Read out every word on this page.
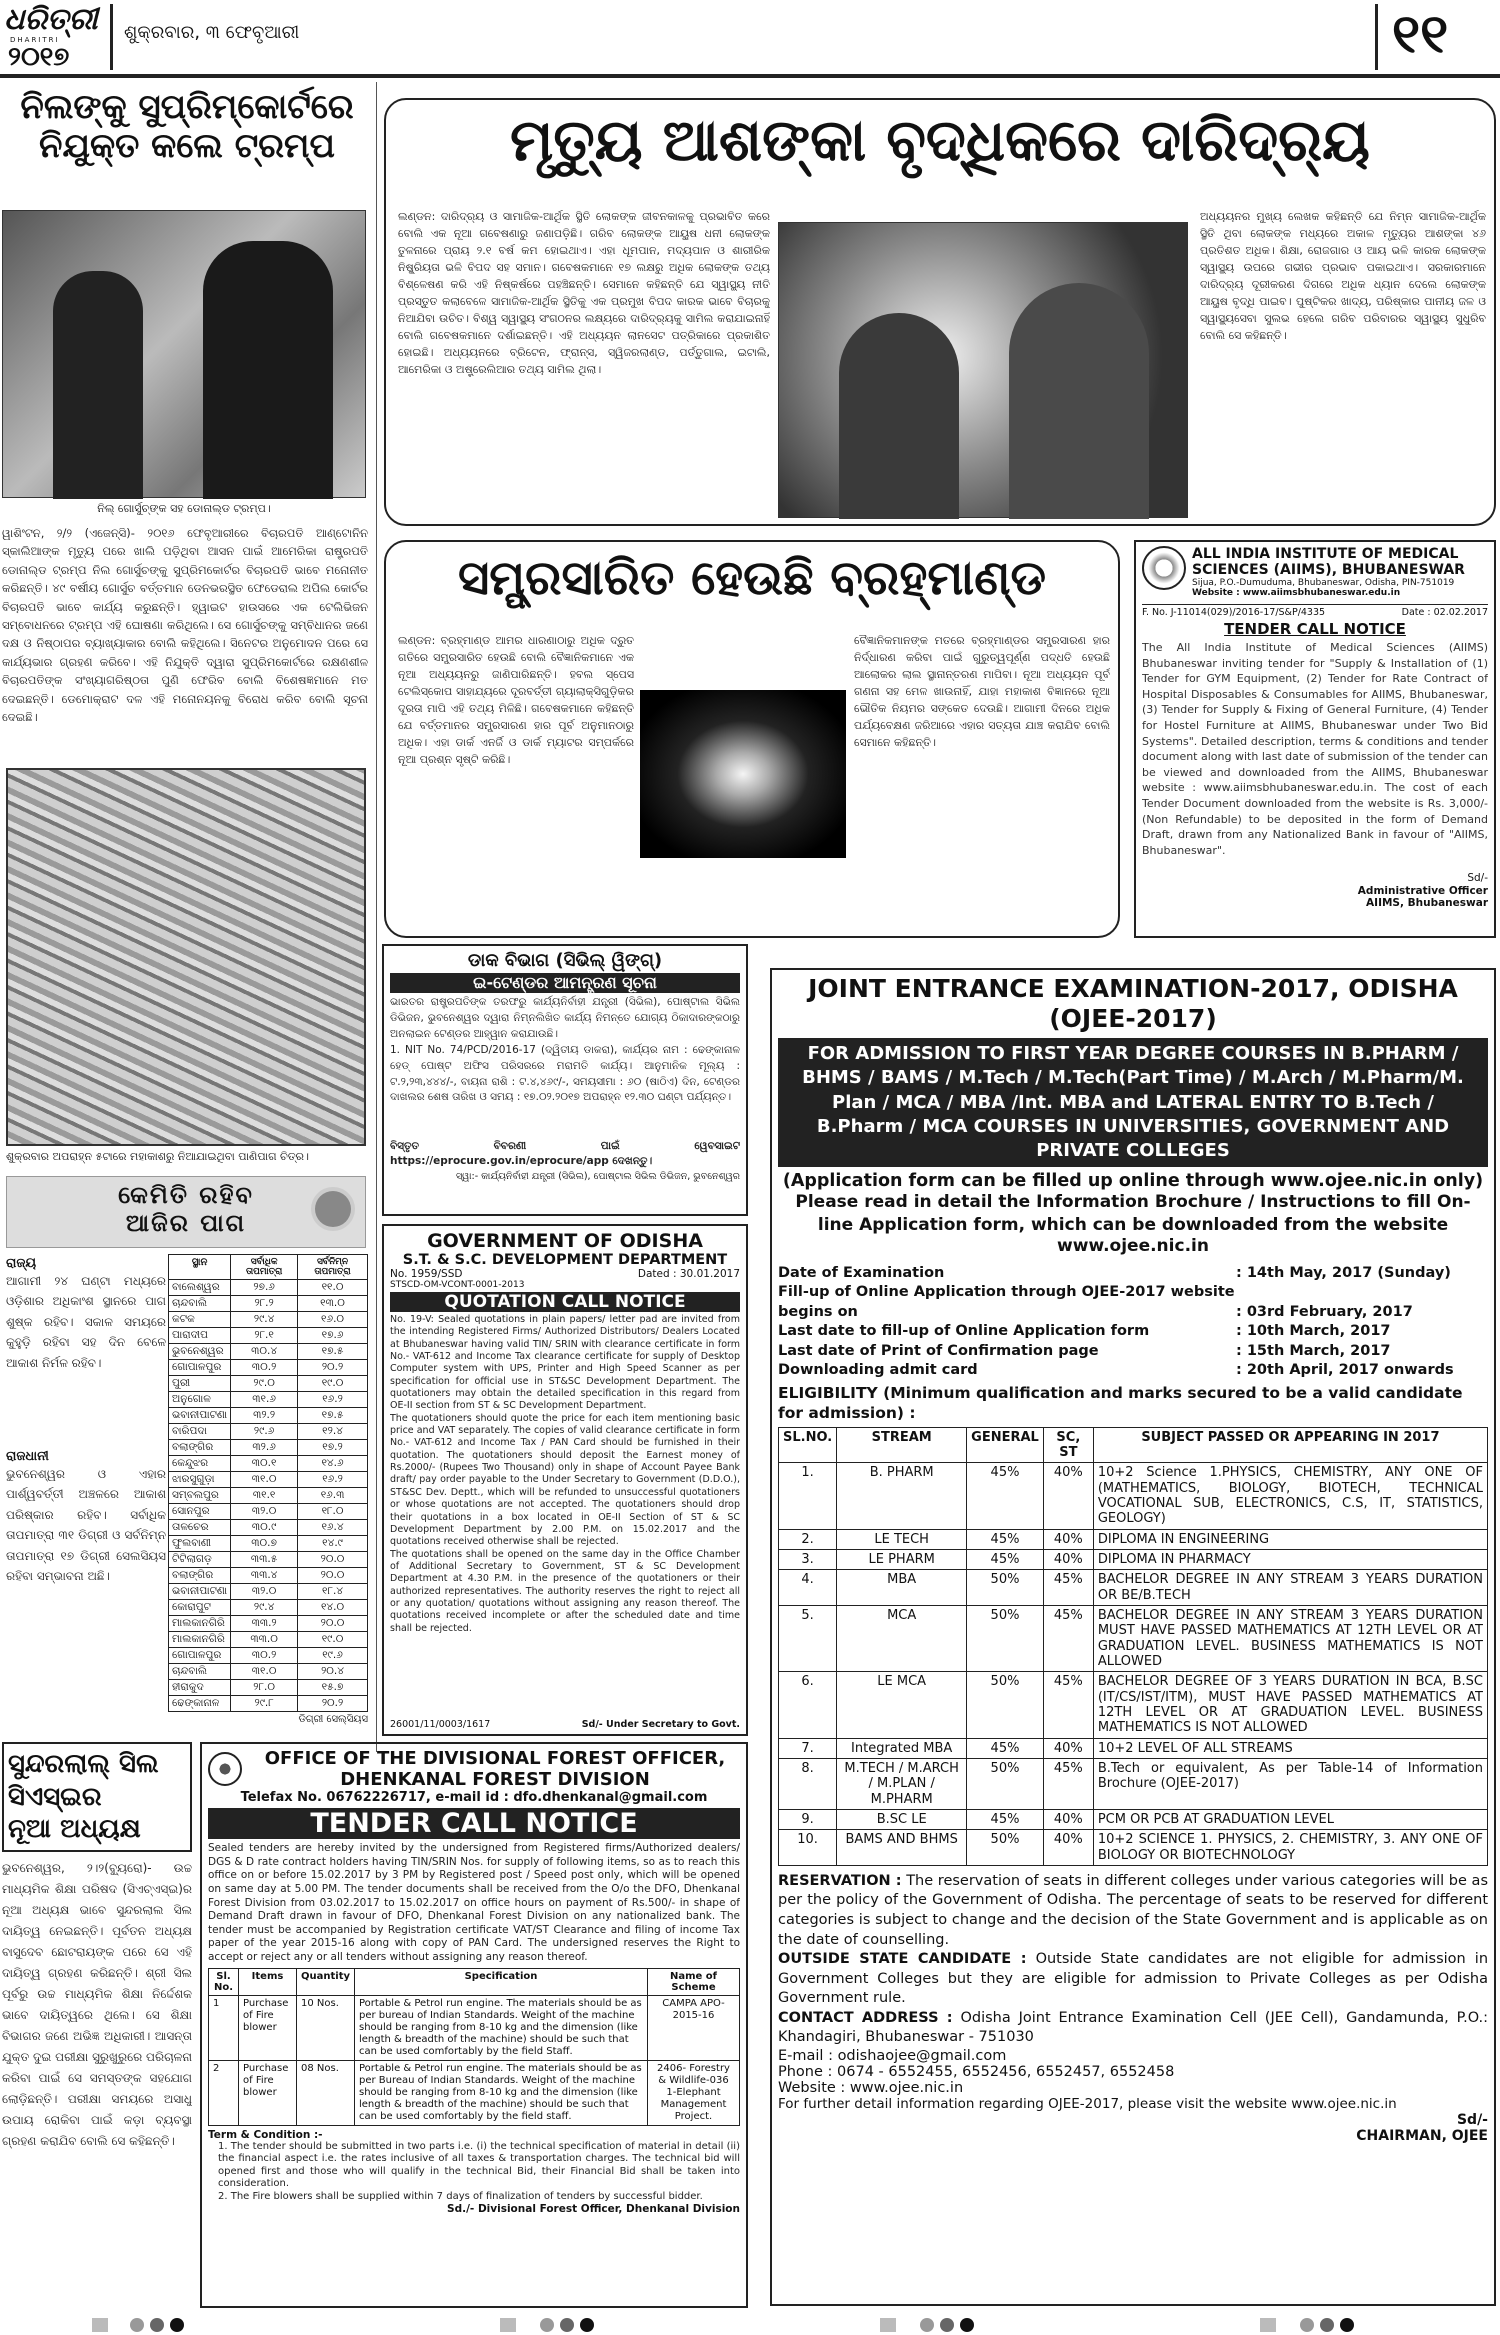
ଧରିତ୍ରୀ
DHARITRI
୨୦୧୭
ଶୁକ୍ରବାର, ୩ ଫେବୃଆରୀ	୧୧
ନିଲଙ୍କୁ ସୁପ୍ରିମ୍‌କୋର୍ଟରେ
ନିଯୁକ୍ତ କଲେ ଟ୍ରମ୍ପ
ନିଲ୍ ଗୋର୍ସୁଚ୍‌ଙ୍କ ସହ ଡୋନାଲ୍ଡ ଟ୍ରମ୍ପ।
ୱାଶିଂଟନ, ୨/୨ (ଏଜେନ୍ସି)- ୨୦୧୬ ଫେବୃଆରୀରେ ବିଚାରପତି ଆଣ୍ଟୋନିନ ସ୍କାଲିଆଙ୍କ ମୃତ୍ୟୁ ପରେ ଖାଲି ପଡ଼ିଥିବା ଆସନ ପାଇଁ ଆମେରିକା ରାଷ୍ଟ୍ରପତି ଡୋନାଲ୍ଡ ଟ୍ରମ୍ପ ନିଲ ଗୋର୍ସୁଚଙ୍କୁ ସୁପ୍ରିମକୋର୍ଟର ବିଚାରପତି ଭାବେ ମନୋନୀତ କରିଛନ୍ତି। ୪୯ ବର୍ଷୀୟ ଗୋର୍ସୁଚ ବର୍ତ୍ତମାନ ଡେନଭରସ୍ଥିତ ଫେଡେରାଲ ଅପିଲ କୋର୍ଟର ବିଚାରପତି ଭାବେ କାର୍ଯ୍ୟ କରୁଛନ୍ତି। ହ୍ୱାଇଟ ହାଉସରେ ଏକ ଟେଲିଭିଜନ ସମ୍ବୋଧନରେ ଟ୍ରମ୍ପ ଏହି ଘୋଷଣା କରିଥିଲେ। ସେ ଗୋର୍ସୁଚଙ୍କୁ ସମ୍ବିଧାନର ଜଣେ ଦକ୍ଷ ଓ ନିଷ୍ଠାପର ବ୍ୟାଖ୍ୟାକାର ବୋଲି କହିଥିଲେ। ସିନେଟର ଅନୁମୋଦନ ପରେ ସେ କାର୍ଯ୍ୟଭାର ଗ୍ରହଣ କରିବେ। ଏହି ନିଯୁକ୍ତି ଦ୍ୱାରା ସୁପ୍ରିମକୋର୍ଟରେ ରକ୍ଷଣଶୀଳ ବିଚାରପତିଙ୍କ ସଂଖ୍ୟାଗରିଷ୍ଠତା ପୁଣି ଫେରିବ ବୋଲି ବିଶେଷଜ୍ଞମାନେ ମତ ଦେଇଛନ୍ତି। ଡେମୋକ୍ରାଟ ଦଳ ଏହି ମନୋନୟନକୁ ବିରୋଧ କରିବ ବୋଲି ସୂଚନା ଦେଇଛି।
ମୃତ୍ୟୁ ଆଶଙ୍କା ବୃଦ୍ଧିକରେ ଦାରିଦ୍ର୍ୟ
ଲଣ୍ଡନ: ଦାରିଦ୍ର୍ୟ ଓ ସାମାଜିକ-ଆର୍ଥିକ ସ୍ଥିତି ଲୋକଙ୍କ ଜୀବନକାଳକୁ ପ୍ରଭାବିତ କରେ ବୋଲି ଏକ ନୂଆ ଗବେଷଣାରୁ ଜଣାପଡ଼ିଛି। ଗରିବ ଲୋକଙ୍କ ଆୟୁଷ ଧନୀ ଲୋକଙ୍କ ତୁଳନାରେ ପ୍ରାୟ ୨.୧ ବର୍ଷ କମ ହୋଇଥାଏ। ଏହା ଧୂମପାନ, ମଦ୍ୟପାନ ଓ ଶାରୀରିକ ନିଷ୍କ୍ରିୟତା ଭଳି ବିପଦ ସହ ସମାନ। ଗବେଷକମାନେ ୧୭ ଲକ୍ଷରୁ ଅଧିକ ଲୋକଙ୍କ ତଥ୍ୟ ବିଶ୍ଳେଷଣ କରି ଏହି ନିଷ୍କର୍ଷରେ ପହଞ୍ଚିଛନ୍ତି। ସେମାନେ କହିଛନ୍ତି ଯେ ସ୍ୱାସ୍ଥ୍ୟ ନୀତି ପ୍ରସ୍ତୁତ କଲାବେଳେ ସାମାଜିକ-ଆର୍ଥିକ ସ୍ଥିତିକୁ ଏକ ପ୍ରମୁଖ ବିପଦ କାରକ ଭାବେ ବିଚାରକୁ ନିଆଯିବା ଉଚିତ। ବିଶ୍ୱ ସ୍ୱାସ୍ଥ୍ୟ ସଂଗଠନର ଲକ୍ଷ୍ୟରେ ଦାରିଦ୍ର୍ୟକୁ ସାମିଲ କରାଯାଇନାହିଁ ବୋଲି ଗବେଷକମାନେ ଦର୍ଶାଇଛନ୍ତି। ଏହି ଅଧ୍ୟୟନ ଲାନସେଟ ପତ୍ରିକାରେ ପ୍ରକାଶିତ ହୋଇଛି। ଅଧ୍ୟୟନରେ ବ୍ରିଟେନ, ଫ୍ରାନ୍ସ, ସ୍ୱିଜରଲାଣ୍ଡ, ପର୍ତ୍ତୁଗାଲ, ଇଟାଲି, ଆମେରିକା ଓ ଅଷ୍ଟ୍ରେଲିଆର ତଥ୍ୟ ସାମିଲ ଥିଲା।
ଅଧ୍ୟୟନର ମୁଖ୍ୟ ଲେଖକ କହିଛନ୍ତି ଯେ ନିମ୍ନ ସାମାଜିକ-ଆର୍ଥିକ ସ୍ଥିତି ଥିବା ଲୋକଙ୍କ ମଧ୍ୟରେ ଅକାଳ ମୃତ୍ୟୁର ଆଶଙ୍କା ୪୬ ପ୍ରତିଶତ ଅଧିକ। ଶିକ୍ଷା, ରୋଜଗାର ଓ ଆୟ ଭଳି କାରକ ଲୋକଙ୍କ ସ୍ୱାସ୍ଥ୍ୟ ଉପରେ ଗଭୀର ପ୍ରଭାବ ପକାଇଥାଏ। ସରକାରମାନେ ଦାରିଦ୍ର୍ୟ ଦୂରୀକରଣ ଦିଗରେ ଅଧିକ ଧ୍ୟାନ ଦେଲେ ଲୋକଙ୍କ ଆୟୁଷ ବୃଦ୍ଧି ପାଇବ। ପୁଷ୍ଟିକର ଖାଦ୍ୟ, ପରିଷ୍କାର ପାନୀୟ ଜଳ ଓ ସ୍ୱାସ୍ଥ୍ୟସେବା ସୁଲଭ ହେଲେ ଗରିବ ପରିବାରର ସ୍ୱାସ୍ଥ୍ୟ ସୁଧୁରିବ ବୋଲି ସେ କହିଛନ୍ତି।
ସମ୍ପ୍ରସାରିତ ହେଉଛି ବ୍ରହ୍ମାଣ୍ଡ
ଲଣ୍ଡନ: ବ୍ରହ୍ମାଣ୍ଡ ଆମର ଧାରଣାଠାରୁ ଅଧିକ ଦ୍ରୁତ ଗତିରେ ସମ୍ପ୍ରସାରିତ ହେଉଛି ବୋଲି ବୈଜ୍ଞାନିକମାନେ ଏକ ନୂଆ ଅଧ୍ୟୟନରୁ ଜାଣିପାରିଛନ୍ତି। ହବଲ ସ୍ପେସ ଟେଲିସ୍କୋପ ସାହାଯ୍ୟରେ ଦୂରବର୍ତ୍ତୀ ଗ୍ୟାଲାକ୍ସିଗୁଡ଼ିକର ଦୂରତା ମାପି ଏହି ତଥ୍ୟ ମିଳିଛି। ଗବେଷକମାନେ କହିଛନ୍ତି ଯେ ବର୍ତ୍ତମାନର ସମ୍ପ୍ରସାରଣ ହାର ପୂର୍ବ ଅନୁମାନଠାରୁ ଅଧିକ। ଏହା ଡାର୍କ ଏନର୍ଜି ଓ ଡାର୍କ ମ୍ୟାଟର ସମ୍ପର୍କରେ ନୂଆ ପ୍ରଶ୍ନ ସୃଷ୍ଟି କରିଛି।
ବୈଜ୍ଞାନିକମାନଙ୍କ ମତରେ ବ୍ରହ୍ମାଣ୍ଡର ସମ୍ପ୍ରସାରଣ ହାର ନିର୍ଦ୍ଧାରଣ କରିବା ପାଇଁ ଗୁରୁତ୍ୱପୂର୍ଣ୍ଣ ପଦ୍ଧତି ହେଉଛି ଆଲୋକର ଲାଲ ସ୍ଥାନାନ୍ତରଣ ମାପିବା। ନୂଆ ଅଧ୍ୟୟନ ପୂର୍ବ ଗଣନା ସହ ମେଳ ଖାଉନାହିଁ, ଯାହା ମହାକାଶ ବିଜ୍ଞାନରେ ନୂଆ ଭୌତିକ ନିୟମର ସଙ୍କେତ ଦେଉଛି। ଆଗାମୀ ଦିନରେ ଅଧିକ ପର୍ଯ୍ୟବେକ୍ଷଣ ଜରିଆରେ ଏହାର ସତ୍ୟତା ଯାଞ୍ଚ କରାଯିବ ବୋଲି ସେମାନେ କହିଛନ୍ତି।
ALL INDIA INSTITUTE OF MEDICAL
SCIENCES (AIIMS), BHUBANESWAR
Sijua, P.O.-Dumuduma, Bhubaneswar, Odisha, PIN-751019
Website : www.aiimsbhubaneswar.edu.in
F. No. J-11014(029)/2016-17/S&P/4335	Date : 02.02.2017
TENDER CALL NOTICE
The All India Institute of Medical Sciences (AIIMS) Bhubaneswar inviting tender for "Supply & Installation of (1) Tender for GYM Equipment, (2) Tender for Rate Contract of Hospital Disposables & Consumables for AIIMS, Bhubaneswar, (3) Tender for Supply & Fixing of General Furniture, (4) Tender for Hostel Furniture at AIIMS, Bhubaneswar under Two Bid Systems". Detailed description, terms & conditions and tender document along with last date of submission of the tender can be viewed and downloaded from the AIIMS, Bhubaneswar website : www.aiimsbhubaneswar.edu.in. The cost of each Tender Document downloaded from the website is Rs. 3,000/- (Non Refundable) to be deposited in the form of Demand Draft, drawn from any Nationalized Bank in favour of "AIIMS, Bhubaneswar".
Sd/-
Administrative Officer
AIIMS, Bhubaneswar
ଶୁକ୍ରବାର ଅପରାହ୍ନ ୫ଟାରେ ମହାକାଶରୁ ନିଆଯାଇଥିବା ପାଣିପାଗ ଚିତ୍ର।
କେମିତି ରହିବ
ଆଜିର ପାଗ
ରାଜ୍ୟ
ଆଗାମୀ ୨୪ ଘଣ୍ଟା ମଧ୍ୟରେ ଓଡ଼ିଶାର ଅଧିକାଂଶ ସ୍ଥାନରେ ପାଗ ଶୁଷ୍କ ରହିବ। ସକାଳ ସମୟରେ କୁହୁଡ଼ି ରହିବା ସହ ଦିନ ବେଳେ ଆକାଶ ନିର୍ମଳ ରହିବ।
ରାଜଧାନୀ
ଭୁବନେଶ୍ୱର ଓ ଏହାର ପାର୍ଶ୍ୱବର୍ତ୍ତୀ ଅଞ୍ଚଳରେ ଆକାଶ ପରିଷ୍କାର ରହିବ। ସର୍ବାଧିକ ତାପମାତ୍ରା ୩୧ ଡିଗ୍ରୀ ଓ ସର୍ବନିମ୍ନ ତାପମାତ୍ରା ୧୭ ଡିଗ୍ରୀ ସେଲସିୟସ ରହିବା ସମ୍ଭାବନା ଅଛି।
ସ୍ଥାନ	ସର୍ବାଧିକ ତାପମାତ୍ରା	ସର୍ବନିମ୍ନ ତାପମାତ୍ରା
ବାଲେଶ୍ୱର	୨୭.୬	୧୧.୦
ଚାନ୍ଦବାଲି	୨୮.୨	୧୩.୦
କଟକ	୨୯.୪	୧୬.୦
ପାରାଦୀପ	୨୮.୧	୧୭.୬
ଭୁବନେଶ୍ୱର	୩୦.୪	୧୭.୫
ଗୋପାଳପୁର	୩୦.୨	୨୦.୨
ପୁରୀ	୨୯.୦	୧୯.୦
ଅନୁଗୋଳ	୩୧.୬	୧୬.୨
ଭବାନୀପାଟଣା	୩୨.୨	୧୭.୫
ବାରିପଦା	୨୯.୬	୧୨.୪
ବଲାଙ୍ଗିର	୩୨.୬	୧୭.୨
କେନ୍ଦୁଝର	୩୦.୧	୧୪.୬
ଝାରସୁଗୁଡ଼ା	୩୧.୦	୧୬.୨
ସମ୍ବଲପୁର	୩୧.୧	୧୬.୩
ସୋନପୁର	୩୨.୦	୧୮.୦
ତାଳଚେର	୩୦.୯	୧୬.୪
ଫୁଲବାଣୀ	୩୦.୭	୧୪.୯
ଟିଟିଲାଗଡ଼	୩୩.୫	୨୦.୦
ବଲାଙ୍ଗିର	୩୩.୪	୨୦.୦
ଭବାନୀପାଟଣା	୩୨.୦	୧୮.୪
କୋରାପୁଟ	୨୯.୪	୧୪.୦
ମାଲକାନଗିରି	୩୩.୨	୨୦.୦
ମାଲକାନଗିରି	୩୩.୦	୧୯.୦
ଗୋପାଳପୁର	୩୦.୨	୧୯.୬
ଚାନ୍ଦବାଲି	୩୧.୦	୨୦.୪
ହୀରାକୁଦ	୨୮.୦	୧୫.୭
ଢେଙ୍କାନାଳ	୨୯.୮	୨୦.୨
ଡିଗ୍ରୀ ସେଲ୍‌ସିୟସ
ଡାକ ବିଭାଗ (ସିଭିଲ୍ ୱିଙ୍ଗ୍)
ଇ-ଟେଣ୍ଡର ଆମନ୍ତ୍ରଣ ସୂଚନା
ଭାରତର ରାଷ୍ଟ୍ରପତିଙ୍କ ତରଫରୁ କାର୍ଯ୍ୟନିର୍ବାହୀ ଯନ୍ତ୍ରୀ (ସିଭିଲ), ପୋଷ୍ଟାଲ ସିଭିଲ ଡିଭିଜନ, ଭୁବନେଶ୍ୱର ଦ୍ୱାରା ନିମ୍ନଲିଖିତ କାର୍ଯ୍ୟ ନିମନ୍ତେ ଯୋଗ୍ୟ ଠିକାଦାରଙ୍କଠାରୁ ଅନଲାଇନ ଟେଣ୍ଡର ଆହ୍ୱାନ କରାଯାଉଛି।
1. NIT No. 74/PCD/2016-17 (ଦ୍ୱିତୀୟ ଡାକରା), କାର୍ଯ୍ୟର ନାମ : ଢେଙ୍କାନାଳ ହେଡ୍ ପୋଷ୍ଟ ଅଫିସ ପରିସରରେ ମରାମତି କାର୍ଯ୍ୟ। ଆନୁମାନିକ ମୂଲ୍ୟ : ଟ.୨,୨୩,୪୪୪/-, ବାୟନା ରାଶି : ଟ.୪,୪୬୯/-, ସମୟସୀମା : ୬୦ (ଷାଠିଏ) ଦିନ, ଟେଣ୍ଡର ଦାଖଲର ଶେଷ ତାରିଖ ଓ ସମୟ : ୧୭.୦୨.୨୦୧୭ ଅପରାହ୍ନ ୧୨.୩୦ ଘଣ୍ଟା ପର୍ଯ୍ୟନ୍ତ।
ବିସ୍ତୃତ ବିବରଣୀ ପାଇଁ ୱେବସାଇଟ https://eprocure.gov.in/eprocure/app ଦେଖନ୍ତୁ।
ସ୍ୱା:- କାର୍ଯ୍ୟନିର୍ବାହୀ ଯନ୍ତ୍ରୀ (ସିଭିଲ), ପୋଷ୍ଟାଲ ସିଭିଲ ଡିଭିଜନ, ଭୁବନେଶ୍ୱର
GOVERNMENT OF ODISHA
S.T. & S.C. DEVELOPMENT DEPARTMENT
No. 1959/SSD	Dated : 30.01.2017
STSCD-OM-VCONT-0001-2013
QUOTATION CALL NOTICE
No. 19-V: Sealed quotations in plain papers/ letter pad are invited from the intending Registered Firms/ Authorized Distributors/ Dealers Located at Bhubaneswar having valid TIN/ SRIN with clearance certificate in form No.- VAT-612 and Income Tax clearance certificate for supply of Desktop Computer system with UPS, Printer and High Speed Scanner as per specification for official use in ST&SC Development Department. The quotationers may obtain the detailed specification in this regard from OE-II section from ST & SC Development Department.
The quotationers should quote the price for each item mentioning basic price and VAT separately. The copies of valid clearance certificate in form No.- VAT-612 and Income Tax / PAN Card should be furnished in their quotation. The quotationers should deposit the Earnest money of Rs.2000/- (Rupees Two Thousand) only in shape of Account Payee Bank draft/ pay order payable to the Under Secretary to Government (D.D.O.), ST&SC Dev. Deptt., which will be refunded to unsuccessful quotationers or whose quotations are not accepted. The quotationers should drop their quotations in a box located in OE-II Section of ST & SC Development Department by 2.00 P.M. on 15.02.2017 and the quotations received otherwise shall be rejected.
The quotations shall be opened on the same day in the Office Chamber of Additional Secretary to Government, ST & SC Development Department at 4.30 P.M. in the presence of the quotationers or their authorized representatives. The authority reserves the right to reject all or any quotation/ quotations without assigning any reason thereof. The quotations received incomplete or after the scheduled date and time shall be rejected.
26001/11/0003/1617	Sd/- Under Secretary to Govt.
ସୁନ୍ଦରଲାଲ୍ ସିଲ
ସିଏସ୍‌ଇର
ନୂଆ ଅଧ୍ୟକ୍ଷ
ଭୁବନେଶ୍ୱର, ୨।୨(ବ୍ୟୁରୋ)- ଉଚ୍ଚ ମାଧ୍ୟମିକ ଶିକ୍ଷା ପରିଷଦ (ସିଏଚ୍‌ଏସ୍‌ଇ)ର ନୂଆ ଅଧ୍ୟକ୍ଷ ଭାବେ ସୁନ୍ଦରଲାଲ ସିଲ ଦାୟିତ୍ୱ ନେଇଛନ୍ତି। ପୂର୍ବତନ ଅଧ୍ୟକ୍ଷ ବାସୁଦେବ ଛୋଟରାୟଙ୍କ ପରେ ସେ ଏହି ଦାୟିତ୍ୱ ଗ୍ରହଣ କରିଛନ୍ତି। ଶ୍ରୀ ସିଲ ପୂର୍ବରୁ ଉଚ୍ଚ ମାଧ୍ୟମିକ ଶିକ୍ଷା ନିର୍ଦ୍ଦେଶକ ଭାବେ ଦାୟିତ୍ୱରେ ଥିଲେ। ସେ ଶିକ୍ଷା ବିଭାଗର ଜଣେ ଅଭିଜ୍ଞ ଅଧିକାରୀ। ଆସନ୍ତା ଯୁକ୍ତ ଦୁଇ ପରୀକ୍ଷା ସୁରୁଖୁରୁରେ ପରିଚାଳନା କରିବା ପାଇଁ ସେ ସମସ୍ତଙ୍କ ସହଯୋଗ ଲୋଡ଼ିଛନ୍ତି। ପରୀକ୍ଷା ସମୟରେ ଅସାଧୁ ଉପାୟ ରୋକିବା ପାଇଁ କଡ଼ା ବ୍ୟବସ୍ଥା ଗ୍ରହଣ କରାଯିବ ବୋଲି ସେ କହିଛନ୍ତି।
OFFICE OF THE DIVISIONAL FOREST OFFICER,
DHENKANAL FOREST DIVISION
Telefax No. 06762226717, e-mail id : dfo.dhenkanal@gmail.com
TENDER CALL NOTICE
Sealed tenders are hereby invited by the undersigned from Registered firms/Authorized dealers/ DGS & D rate contract holders having TIN/SRIN Nos. for supply of following items, so as to reach this office on or before 15.02.2017 by 3 PM by Registered post / Speed post only, which will be opened on same day at 5.00 PM. The tender documents shall be received from the O/o the DFO, Dhenkanal Forest Division from 03.02.2017 to 15.02.2017 on office hours on payment of Rs.500/- in shape of Demand Draft drawn in favour of DFO, Dhenkanal Forest Division on any nationalized bank. The tender must be accompanied by Registration certificate VAT/ST Clearance and filing of income Tax paper of the year 2015-16 along with copy of PAN Card. The undersigned reserves the Right to accept or reject any or all tenders without assigning any reason thereof.
Sl. No.	Items	Quantity	Specification	Name of Scheme
1	Purchase of Fire blower	10 Nos.	Portable & Petrol run engine. The materials should be as per bureau of Indian Standards. Weight of the machine should be ranging from 8-10 kg and the dimension (like length & breadth of the machine) should be such that can be used comfortably by the field Staff.	CAMPA APO-2015-16
2	Purchase of Fire blower	08 Nos.	Portable & Petrol run engine. The materials should be as per Bureau of Indian Standards. Weight of the machine should be ranging from 8-10 kg and the dimension (like length & breadth of the machine) should be such that can be used comfortably by the field staff.	2406- Forestry & Wildlife-036 1-Elephant Management Project.
Term & Condition :-
1. The tender should be submitted in two parts i.e. (i) the technical specification of material in detail (ii) the financial aspect i.e. the rates inclusive of all taxes & transportation charges. The technical bid will opened first and those who will qualify in the technical Bid, their Financial Bid shall be taken into consideration.
2. The Fire blowers shall be supplied within 7 days of finalization of tenders by successful bidder.
Sd./- Divisional Forest Officer, Dhenkanal Division
JOINT ENTRANCE EXAMINATION-2017, ODISHA
(OJEE-2017)
FOR ADMISSION TO FIRST YEAR DEGREE COURSES IN B.PHARM / BHMS / BAMS / M.Tech / M.Tech(Part Time) / M.Arch / M.Pharm/M. Plan / MCA / MBA /Int. MBA and LATERAL ENTRY TO B.Tech / B.Pharm / MCA COURSES IN UNIVERSITIES, GOVERNMENT AND PRIVATE COLLEGES
(Application form can be filled up online through www.ojee.nic.in only)
Please read in detail the Information Brochure / Instructions to fill On-line Application form, which can be downloaded from the website
www.ojee.nic.in
Date of Examination	: 14th May, 2017 (Sunday)
Fill-up of Online Application through OJEE-2017 website
begins on	: 03rd February, 2017
Last date to fill-up of Online Application form	: 10th March, 2017
Last date of Print of Confirmation page	: 15th March, 2017
Downloading admit card	: 20th April, 2017 onwards
ELIGIBILITY (Minimum qualification and marks secured to be a valid candidate for admission) :
SL.NO.	STREAM	GENERAL	SC, ST	SUBJECT PASSED OR APPEARING IN 2017
1.	B. PHARM	45%	40%	10+2 Science 1.PHYSICS, CHEMISTRY, ANY ONE OF (MATHEMATICS, BIOLOGY, BIOTECH, TECHNICAL VOCATIONAL SUB, ELECTRONICS, C.S, IT, STATISTICS, GEOLOGY)
2.	LE TECH	45%	40%	DIPLOMA IN ENGINEERING
3.	LE PHARM	45%	40%	DIPLOMA IN PHARMACY
4.	MBA	50%	45%	BACHELOR DEGREE IN ANY STREAM 3 YEARS DURATION OR BE/B.TECH
5.	MCA	50%	45%	BACHELOR DEGREE IN ANY STREAM 3 YEARS DURATION MUST HAVE PASSED MATHEMATICS AT 12TH LEVEL OR AT GRADUATION LEVEL. BUSINESS MATHEMATICS IS NOT ALLOWED
6.	LE MCA	50%	45%	BACHELOR DEGREE OF 3 YEARS DURATION IN BCA, B.SC (IT/CS/IST/ITM), MUST HAVE PASSED MATHEMATICS AT 12TH LEVEL OR AT GRADUATION LEVEL. BUSINESS MATHEMATICS IS NOT ALLOWED
7.	Integrated MBA	45%	40%	10+2 LEVEL OF ALL STREAMS
8.	M.TECH / M.ARCH / M.PLAN / M.PHARM	50%	45%	B.Tech or equivalent, As per Table-14 of Information Brochure (OJEE-2017)
9.	B.SC LE	45%	40%	PCM OR PCB AT GRADUATION LEVEL
10.	BAMS AND BHMS	50%	40%	10+2 SCIENCE 1. PHYSICS, 2. CHEMISTRY, 3. ANY ONE OF BIOLOGY OR BIOTECHNOLOGY
RESERVATION : The reservation of seats in different colleges under various categories will be as per the policy of the Government of Odisha. The percentage of seats to be reserved for different categories is subject to change and the decision of the State Government and is applicable as on the date of counselling.
OUTSIDE STATE CANDIDATE : Outside State candidates are not eligible for admission in Government Colleges but they are eligible for admission to Private Colleges as per Odisha Government rule.
CONTACT ADDRESS : Odisha Joint Entrance Examination Cell (JEE Cell), Gandamunda, P.O.: Khandagiri, Bhubaneswar - 751030
E-mail : odishaojee@gmail.com
Phone : 0674 - 6552455, 6552456, 6552457, 6552458
Website : www.ojee.nic.in
For further detail information regarding OJEE-2017, please visit the website www.ojee.nic.in
Sd/-
CHAIRMAN, OJEE
